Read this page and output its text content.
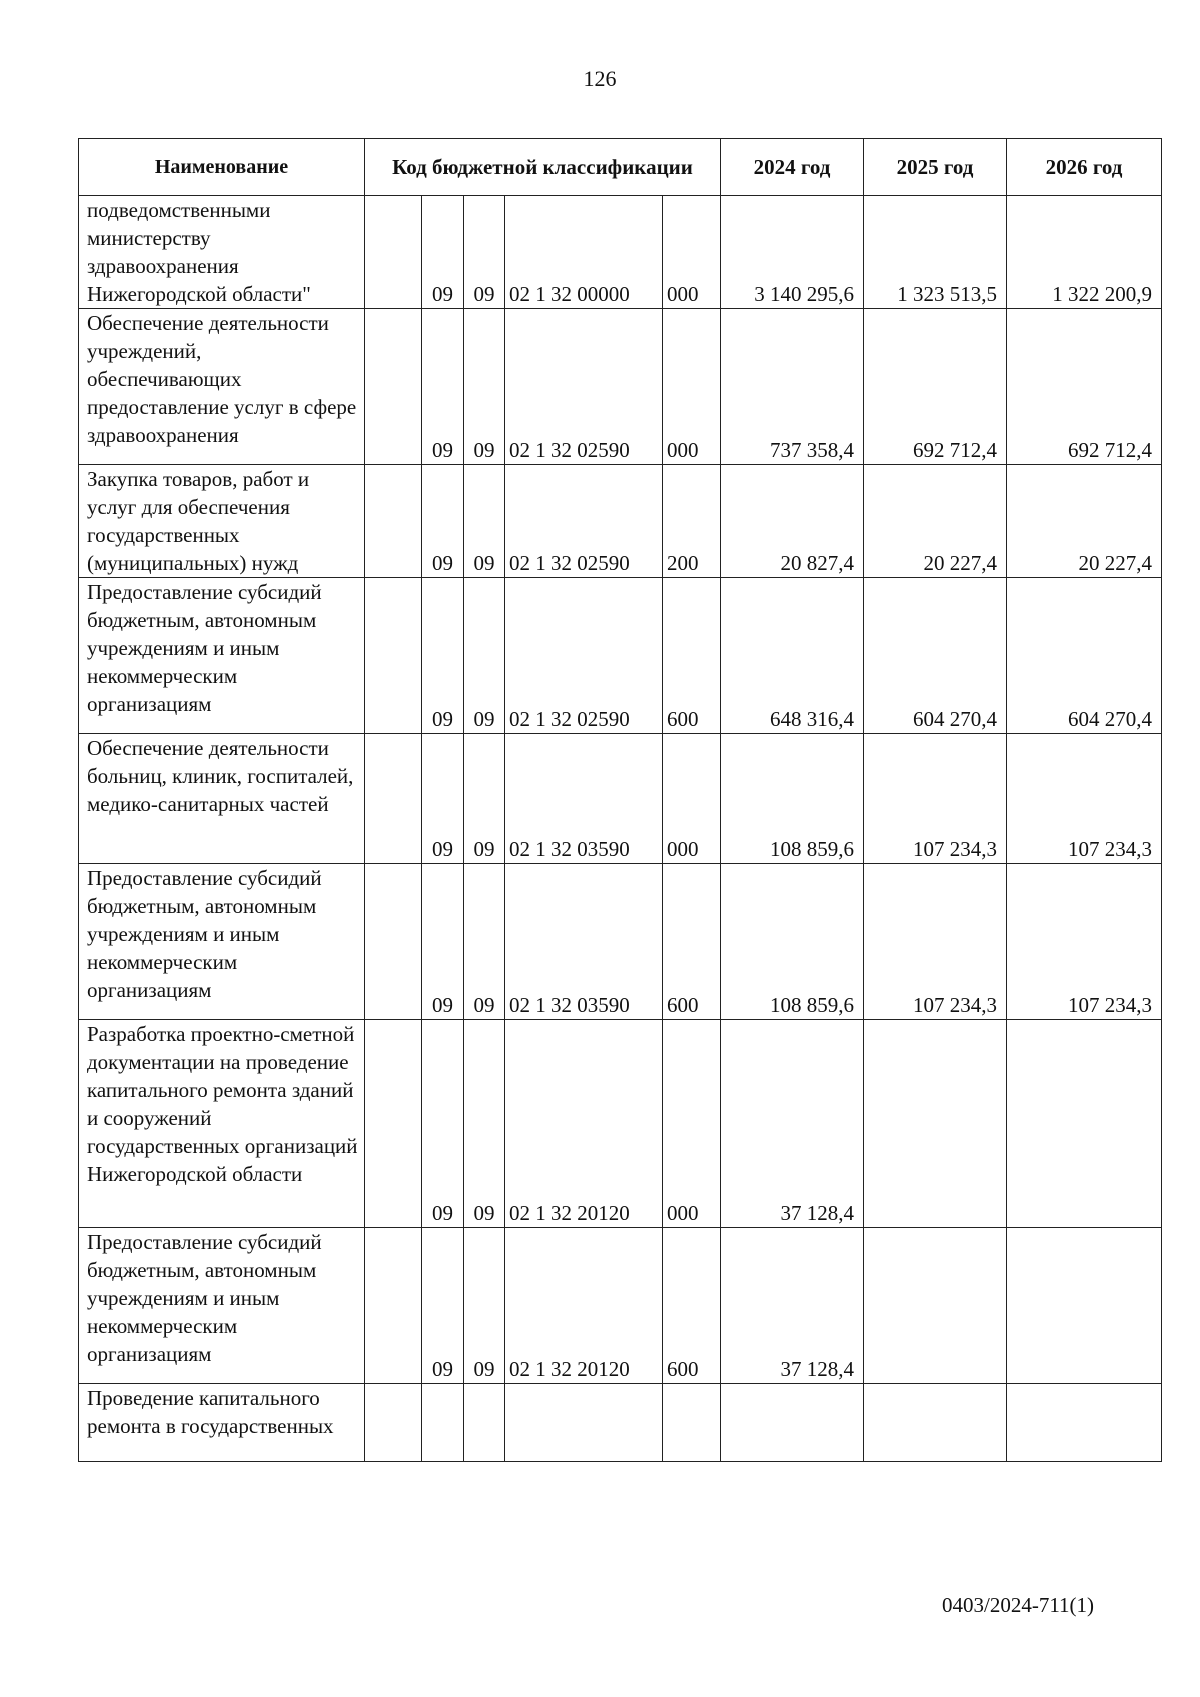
126
Наименование	Код бюджетной классификации					2024 год	2025 год	2026 год
подведомственными министерству здравоохранения Нижегородской области"		09	09	02 1 32 00000	000	3 140 295,6	1 323 513,5	1 322 200,9
Обеспечение деятельности учреждений, обеспечивающих предоставление услуг в сфере здравоохранения		09	09	02 1 32 02590	000	737 358,4	692 712,4	692 712,4
Закупка товаров, работ и услуг для обеспечения государственных (муниципальных) нужд		09	09	02 1 32 02590	200	20 827,4	20 227,4	20 227,4
Предоставление субсидий бюджетным, автономным учреждениям и иным некоммерческим организациям		09	09	02 1 32 02590	600	648 316,4	604 270,4	604 270,4
Обеспечение деятельности больниц, клиник, госпиталей, медико-санитарных частей		09	09	02 1 32 03590	000	108 859,6	107 234,3	107 234,3
Предоставление субсидий бюджетным, автономным учреждениям и иным некоммерческим организациям		09	09	02 1 32 03590	600	108 859,6	107 234,3	107 234,3
Разработка проектно-сметной документации на проведение капитального ремонта зданий и сооружений государственных организаций Нижегородской области		09	09	02 1 32 20120	000	37 128,4		
Предоставление субсидий бюджетным, автономным учреждениям и иным некоммерческим организациям		09	09	02 1 32 20120	600	37 128,4		
Проведение капитального ремонта в государственных								
0403/2024-711(1)
